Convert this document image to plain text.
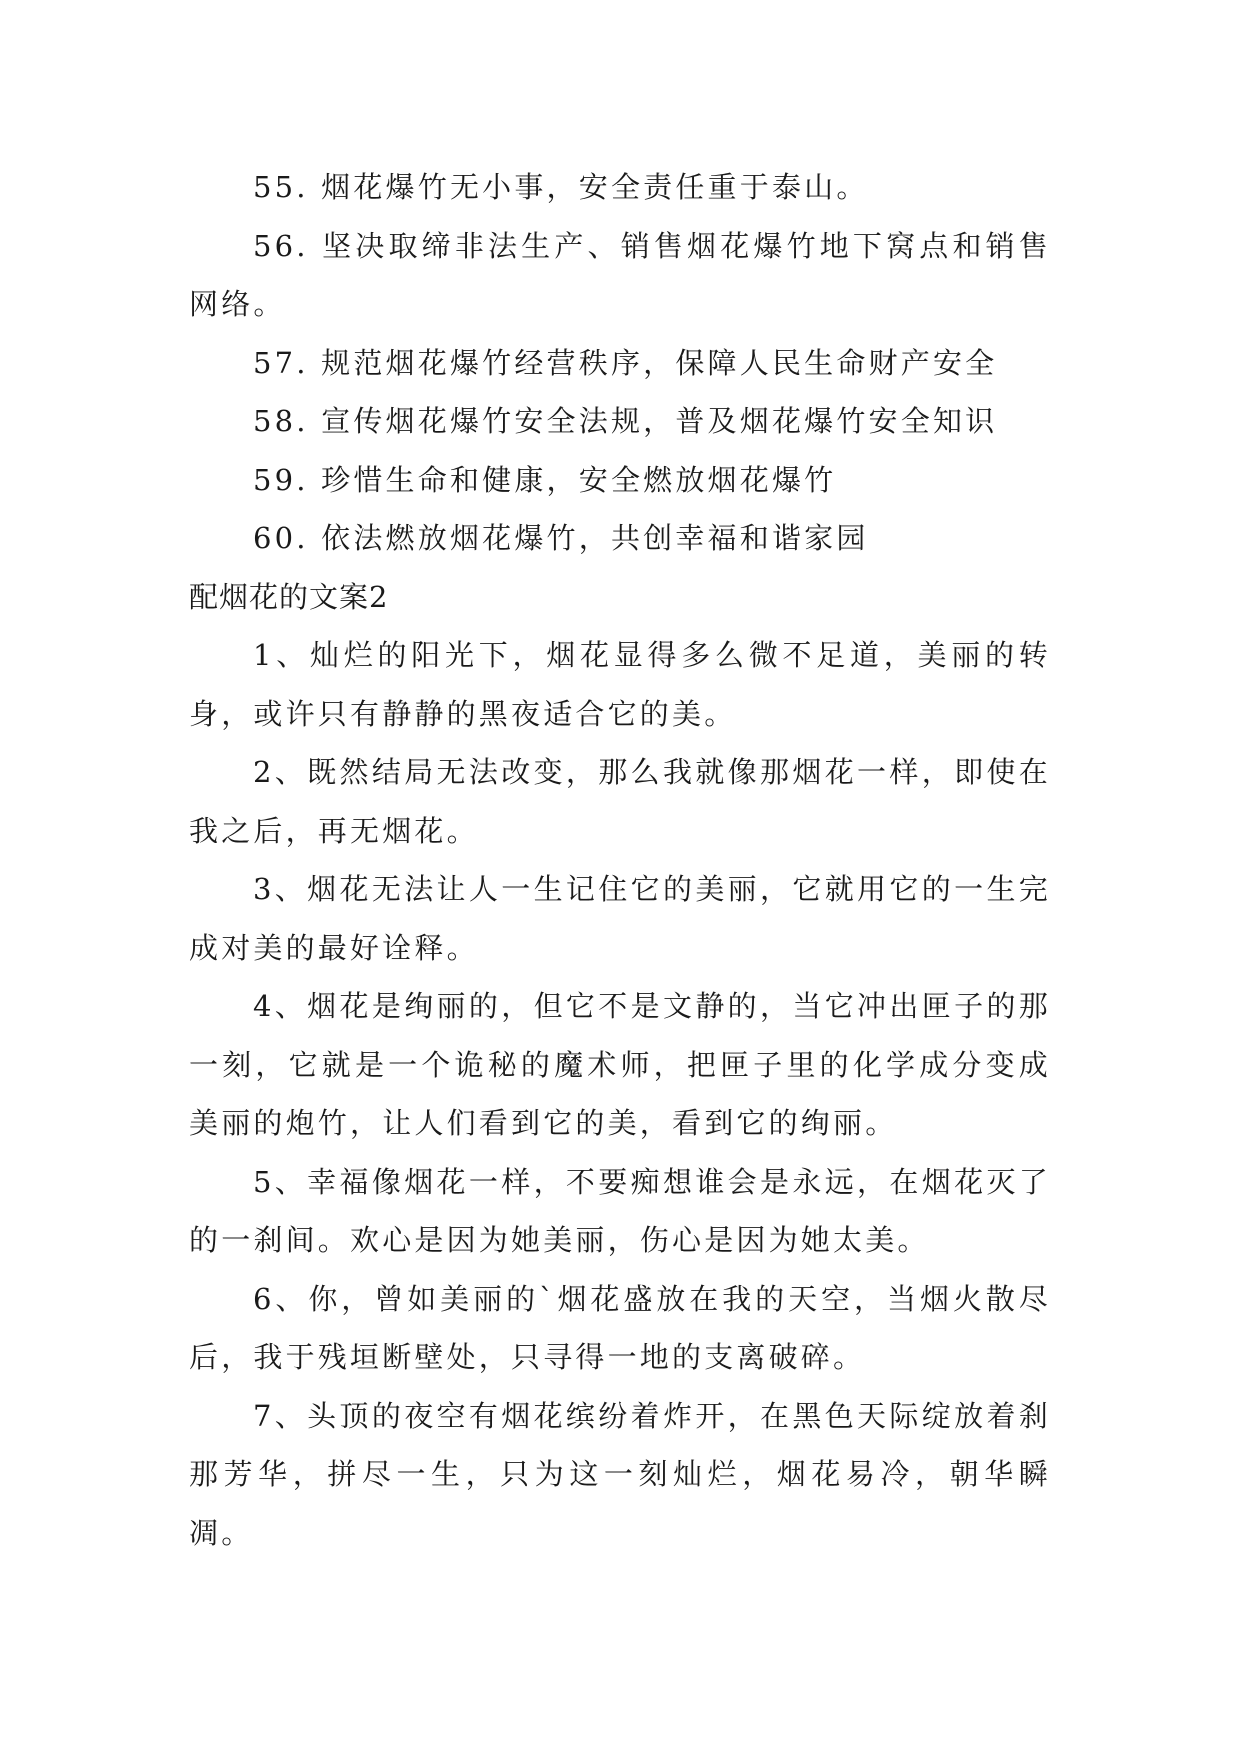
55. 烟花爆竹无小事，安全责任重于泰山。

56. 坚决取缔非法生产、销售烟花爆竹地下窝点和销售网络。

57. 规范烟花爆竹经营秩序，保障人民生命财产安全

58. 宣传烟花爆竹安全法规，普及烟花爆竹安全知识

59. 珍惜生命和健康，安全燃放烟花爆竹

60. 依法燃放烟花爆竹，共创幸福和谐家园

配烟花的文案2

1、灿烂的阳光下，烟花显得多么微不足道，美丽的转身，或许只有静静的黑夜适合它的美。

2、既然结局无法改变，那么我就像那烟花一样，即使在我之后，再无烟花。

3、烟花无法让人一生记住它的美丽，它就用它的一生完成对美的最好诠释。

4、烟花是绚丽的，但它不是文静的，当它冲出匣子的那一刻，它就是一个诡秘的魔术师，把匣子里的化学成分变成美丽的炮竹，让人们看到它的美，看到它的绚丽。

5、幸福像烟花一样，不要痴想谁会是永远，在烟花灭了的一刹间。欢心是因为她美丽，伤心是因为她太美。

6、你，曾如美丽的`烟花盛放在我的天空，当烟火散尽后，我于残垣断壁处，只寻得一地的支离破碎。

7、头顶的夜空有烟花缤纷着炸开，在黑色天际绽放着刹那芳华，拼尽一生，只为这一刻灿烂，烟花易冷，朝华瞬凋。
